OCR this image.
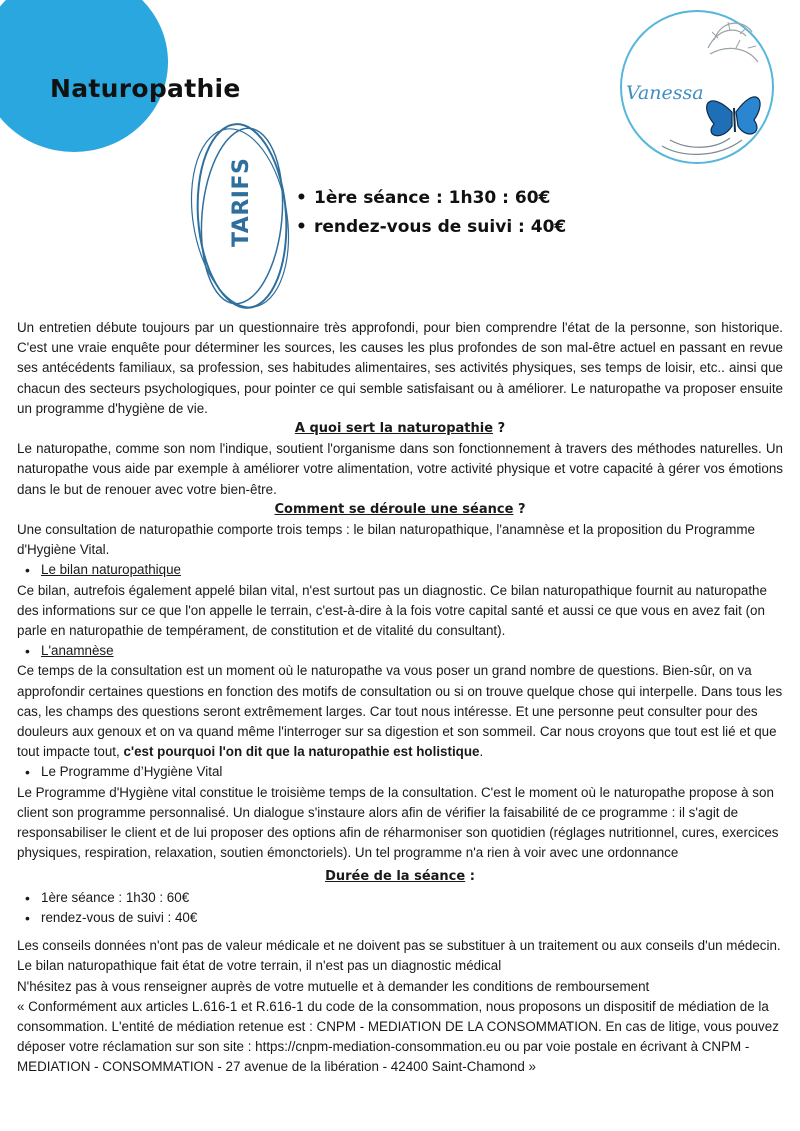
Naturopathie
TARIFS	• 1ère séance : 1h30 : 60€
• rendez-vous de suivi : 40€
Vanessa

Un entretien débute toujours par un questionnaire très approfondi, pour bien comprendre l'état de la personne, son historique. C'est une vraie enquête pour déterminer les sources, les causes les plus profondes de son mal-être actuel en passant en revue ses antécédents familiaux, sa profession, ses habitudes alimentaires, ses activités physiques, ses temps de loisir, etc.. ainsi que chacun des secteurs psychologiques, pour pointer ce qui semble satisfaisant ou à améliorer. Le naturopathe va proposer ensuite un programme d'hygiène de vie.

A quoi sert la naturopathie ?

Le naturopathe, comme son nom l'indique, soutient l'organisme dans son fonctionnement à travers des méthodes naturelles. Un naturopathe vous aide par exemple à améliorer votre alimentation, votre activité physique et votre capacité à gérer vos émotions dans le but de renouer avec votre bien-être.

Comment se déroule une séance ?

Une consultation de naturopathie comporte trois temps : le bilan naturopathique, l'anamnèse et la proposition du Programme d'Hygiène Vital.

• Le bilan naturopathique

Ce bilan, autrefois également appelé bilan vital, n'est surtout pas un diagnostic. Ce bilan naturopathique fournit au naturopathe des informations sur ce que l'on appelle le terrain, c'est-à-dire à la fois votre capital santé et aussi ce que vous en avez fait (on parle en naturopathie de tempérament, de constitution et de vitalité du consultant).

• L'anamnèse

Ce temps de la consultation est un moment où le naturopathe va vous poser un grand nombre de questions. Bien-sûr, on va approfondir certaines questions en fonction des motifs de consultation ou si on trouve quelque chose qui interpelle. Dans tous les cas, les champs des questions seront extrêmement larges. Car tout nous intéresse. Et une personne peut consulter pour des douleurs aux genoux et on va quand même l'interroger sur sa digestion et son sommeil. Car nous croyons que tout est lié et que tout impacte tout, c'est pourquoi l'on dit que la naturopathie est holistique.

• Le Programme d’Hygiène Vital

Le Programme d'Hygiène vital constitue le troisième temps de la consultation. C'est le moment où le naturopathe propose à son client son programme personnalisé. Un dialogue s'instaure alors afin de vérifier la faisabilité de ce programme : il s'agit de responsabiliser le client et de lui proposer des options afin de réharmoniser son quotidien (réglages nutritionnel, cures, exercices physiques, respiration, relaxation, soutien émonctoriels). Un tel programme n'a rien à voir avec une ordonnance

Durée de la séance :

• 1ère séance : 1h30 : 60€
• rendez-vous de suivi : 40€

Les conseils données n'ont pas de valeur médicale et ne doivent pas se substituer à un traitement ou aux conseils d'un médecin. Le bilan naturopathique fait état de votre terrain, il n'est pas un diagnostic médical

N'hésitez pas à vous renseigner auprès de votre mutuelle et à demander les conditions de remboursement

« Conformément aux articles L.616-1 et R.616-1 du code de la consommation, nous proposons un dispositif de médiation de la consommation. L'entité de médiation retenue est : CNPM - MEDIATION DE LA CONSOMMATION. En cas de litige, vous pouvez déposer votre réclamation sur son site : https://cnpm-mediation-consommation.eu ou par voie postale en écrivant à CNPM - MEDIATION - CONSOMMATION - 27 avenue de la libération - 42400 Saint-Chamond »
